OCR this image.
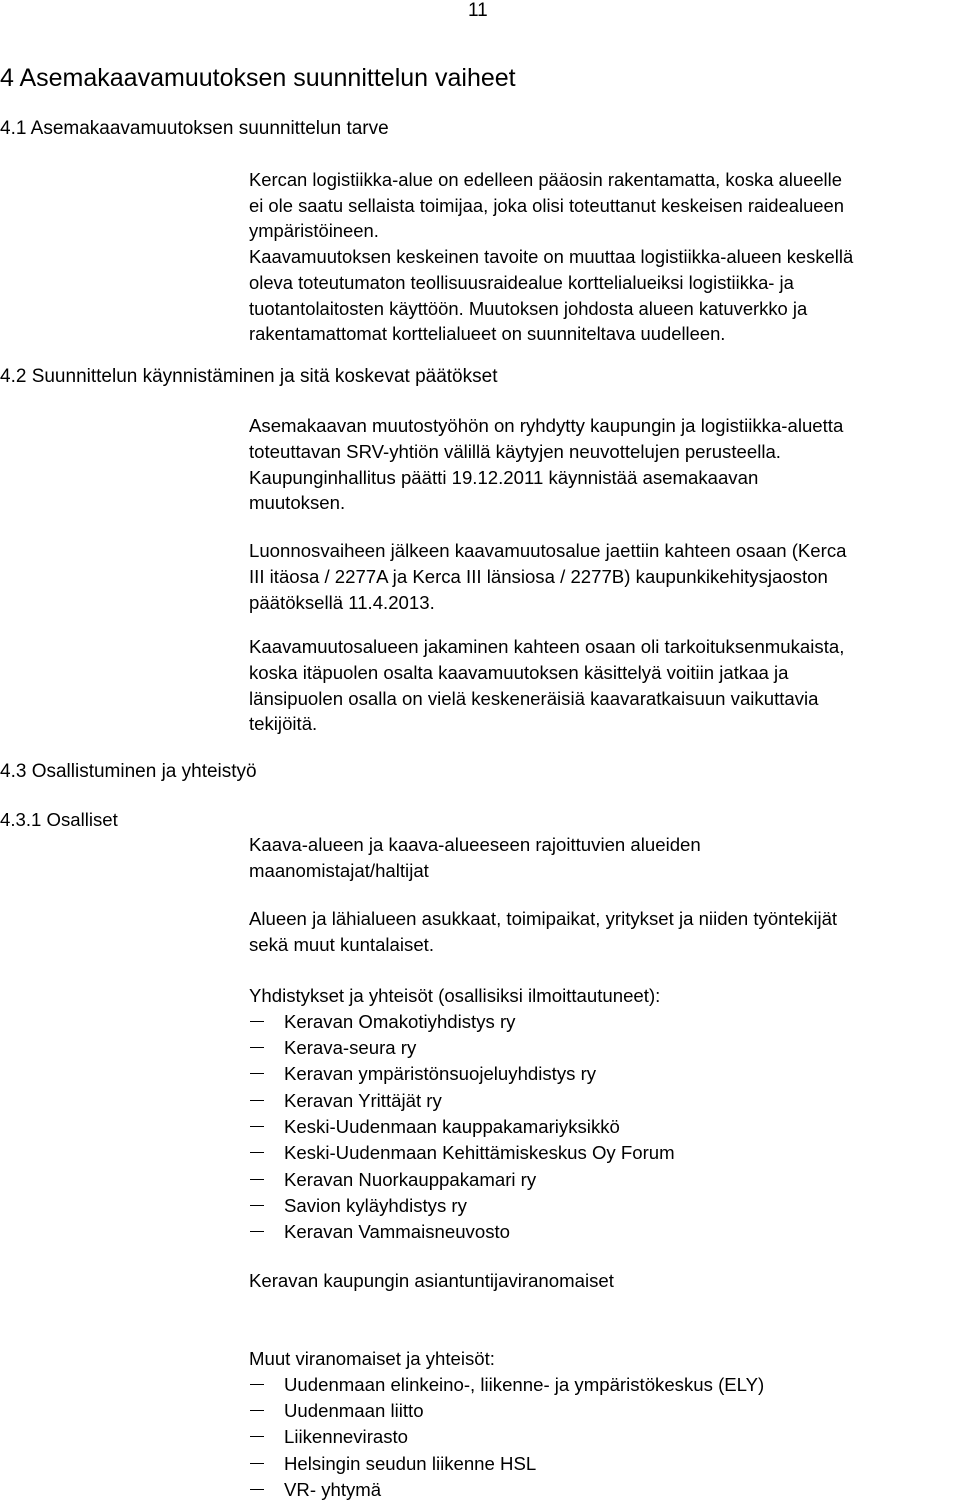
11
4 Asemakaavamuutoksen suunnittelun vaiheet
4.1 Asemakaavamuutoksen suunnittelun tarve
Kercan logistiikka-alue on edelleen pääosin rakentamatta, koska alueelle
ei ole saatu sellaista toimijaa, joka olisi toteuttanut keskeisen raidealueen
ympäristöineen.
Kaavamuutoksen keskeinen tavoite on muuttaa logistiikka-alueen keskellä
oleva toteutumaton teollisuusraidealue korttelialueiksi logistiikka- ja
tuotantolaitosten käyttöön. Muutoksen johdosta alueen katuverkko ja
rakentamattomat korttelialueet on suunniteltava uudelleen.
4.2 Suunnittelun käynnistäminen ja sitä koskevat päätökset
Asemakaavan muutostyöhön on ryhdytty kaupungin ja logistiikka-aluetta
toteuttavan SRV-yhtiön välillä käytyjen neuvottelujen perusteella.
Kaupunginhallitus päätti 19.12.2011 käynnistää asemakaavan
muutoksen.
Luonnosvaiheen jälkeen kaavamuutosalue jaettiin kahteen osaan (Kerca
III itäosa / 2277A ja Kerca III länsiosa / 2277B) kaupunkikehitysjaoston
päätöksellä 11.4.2013.
Kaavamuutosalueen jakaminen kahteen osaan oli tarkoituksenmukaista,
koska itäpuolen osalta kaavamuutoksen käsittelyä voitiin jatkaa ja
länsipuolen osalla on vielä keskeneräisiä kaavaratkaisuun vaikuttavia
tekijöitä.
4.3 Osallistuminen ja yhteistyö
4.3.1 Osalliset
Kaava-alueen ja kaava-alueeseen rajoittuvien alueiden
maanomistajat/haltijat
Alueen ja lähialueen asukkaat, toimipaikat, yritykset ja niiden työntekijät
sekä muut kuntalaiset.
Yhdistykset ja yhteisöt (osallisiksi ilmoittautuneet):
Keravan Omakotiyhdistys ry
Kerava-seura ry
Keravan ympäristönsuojeluyhdistys ry
Keravan Yrittäjät ry
Keski-Uudenmaan kauppakamariyksikkö
Keski-Uudenmaan Kehittämiskeskus Oy Forum
Keravan Nuorkauppakamari ry
Savion kyläyhdistys ry
Keravan Vammaisneuvosto
Keravan kaupungin asiantuntijaviranomaiset
Muut viranomaiset ja yhteisöt:
Uudenmaan elinkeino-, liikenne- ja ympäristökeskus (ELY)
Uudenmaan liitto
Liikennevirasto
Helsingin seudun liikenne HSL
VR- yhtymä
